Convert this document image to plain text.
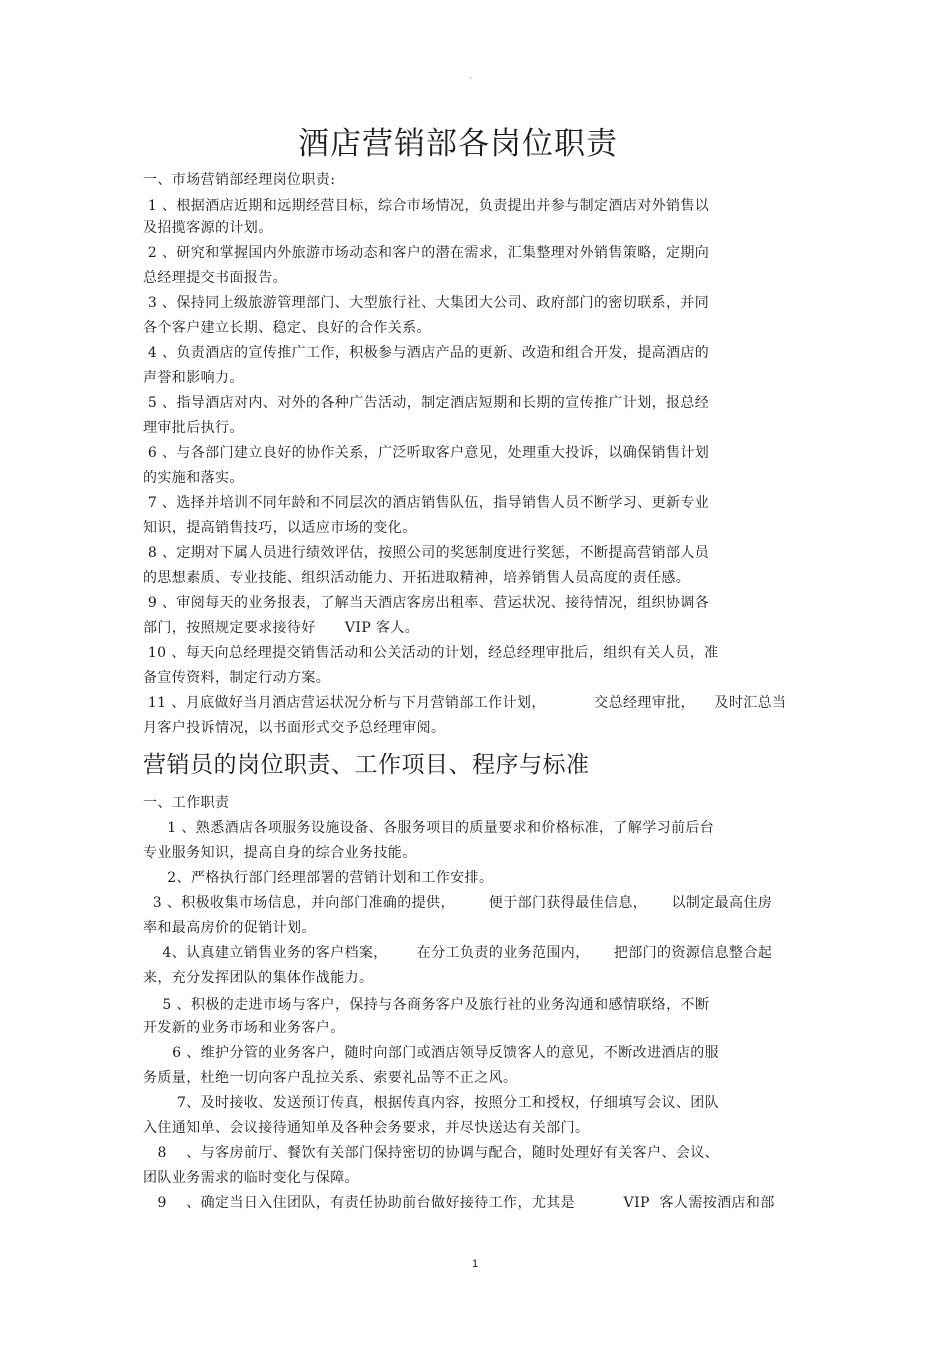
。
酒店营销部各岗位职责
一、市场营销部经理岗位职责:
1 、根据酒店近期和远期经营目标，综合市场情况，负责提出并参与制定酒店对外销售以
及招揽客源的计划。
2 、研究和掌握国内外旅游市场动态和客户的潜在需求，汇集整理对外销售策略，定期向
总经理提交书面报告。
3 、保持同上级旅游管理部门、大型旅行社、大集团大公司、政府部门的密切联系，并同
各个客户建立长期、稳定、良好的合作关系。
4 、负责酒店的宣传推广工作，积极参与酒店产品的更新、改造和组合开发，提高酒店的
声誉和影响力。
5 、指导酒店对内、对外的各种广告活动，制定酒店短期和长期的宣传推广计划，报总经
理审批后执行。
6 、与各部门建立良好的协作关系，广泛听取客户意见，处理重大投诉，以确保销售计划
的实施和落实。
7 、选择并培训不同年龄和不同层次的酒店销售队伍，指导销售人员不断学习、更新专业
知识，提高销售技巧，以适应市场的变化。
8 、定期对下属人员进行绩效评估，按照公司的奖惩制度进行奖惩，不断提高营销部人员
的思想素质、专业技能、组织活动能力、开拓进取精神，培养销售人员高度的责任感。
9 、审阅每天的业务报表，了解当天酒店客房出租率、营运状况、接待情况，组织协调各
部门，按照规定要求接待好      VIP 客人。
10 、每天向总经理提交销售活动和公关活动的计划，经总经理审批后，组织有关人员，准
备宣传资料，制定行动方案。
11 、月底做好当月酒店营运状况分析与下月营销部工作计划，          交总经理审批，    及时汇总当
月客户投诉情况，以书面形式交予总经理审阅。
营销员的岗位职责、工作项目、程序与标准
一、工作职责
1 、熟悉酒店各项服务设施设备、各服务项目的质量要求和价格标准，了解学习前后台
专业服务知识，提高自身的综合业务技能。
2、严格执行部门经理部署的营销计划和工作安排。
3 、积极收集市场信息，并向部门准确的提供，       便于部门获得最佳信息，     以制定最高住房
率和最高房价的促销计划。
4、认真建立销售业务的客户档案，      在分工负责的业务范围内，     把部门的资源信息整合起
来，充分发挥团队的集体作战能力。
5 、积极的走进市场与客户，保持与各商务客户及旅行社的业务沟通和感情联络，不断
开发新的业务市场和业务客户。
6 、维护分管的业务客户，随时向部门或酒店领导反馈客人的意见，不断改进酒店的服
务质量，杜绝一切向客户乱拉关系、索要礼品等不正之风。
7、及时接收、发送预订传真，根据传真内容，按照分工和授权，仔细填写会议、团队
入住通知单、会议接待通知单及各种会务要求，并尽快送达有关部门。
8    、与客房前厅、餐饮有关部门保持密切的协调与配合，随时处理好有关客户、会议、
团队业务需求的临时变化与保障。
9    、确定当日入住团队，有责任协助前台做好接待工作，尤其是          VIP  客人需按酒店和部
1
